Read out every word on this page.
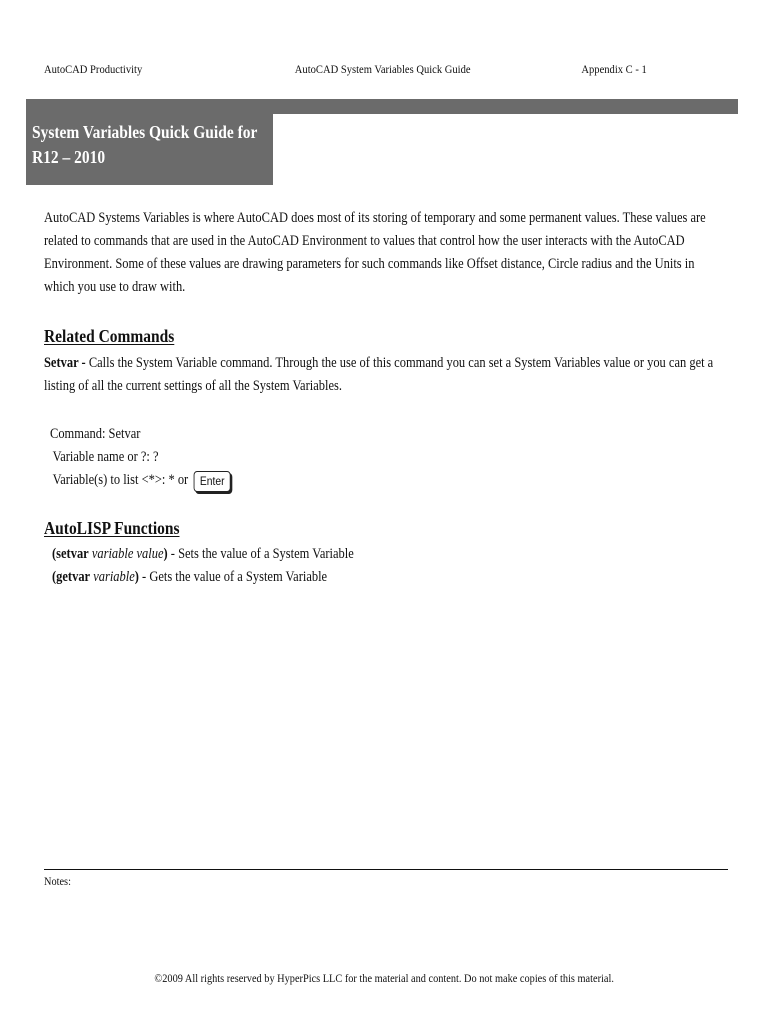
AutoCAD Productivity	AutoCAD System Variables Quick Guide	Appendix C - 1
System Variables Quick Guide for
R12 – 2010
AutoCAD Systems Variables is where AutoCAD does most of its storing of temporary and some permanent values. These values are related to commands that are used in the AutoCAD Environment to values that control how the user interacts with the AutoCAD Environment. Some of these values are drawing parameters for such commands like Offset distance, Circle radius and the Units in which you use to draw with.
Related Commands
Setvar - Calls the System Variable command. Through the use of this command you can set a System Variables value or you can get a listing of all the current settings of all the System Variables.
Command: Setvar
Variable name or ?: ?
Variable(s) to list <*>: * or Enter
AutoLISP Functions
(setvar variable value) - Sets the value of a System Variable
(getvar variable) - Gets the value of a System Variable
Notes:
©2009 All rights reserved by HyperPics LLC for the material and content. Do not make copies of this material.
